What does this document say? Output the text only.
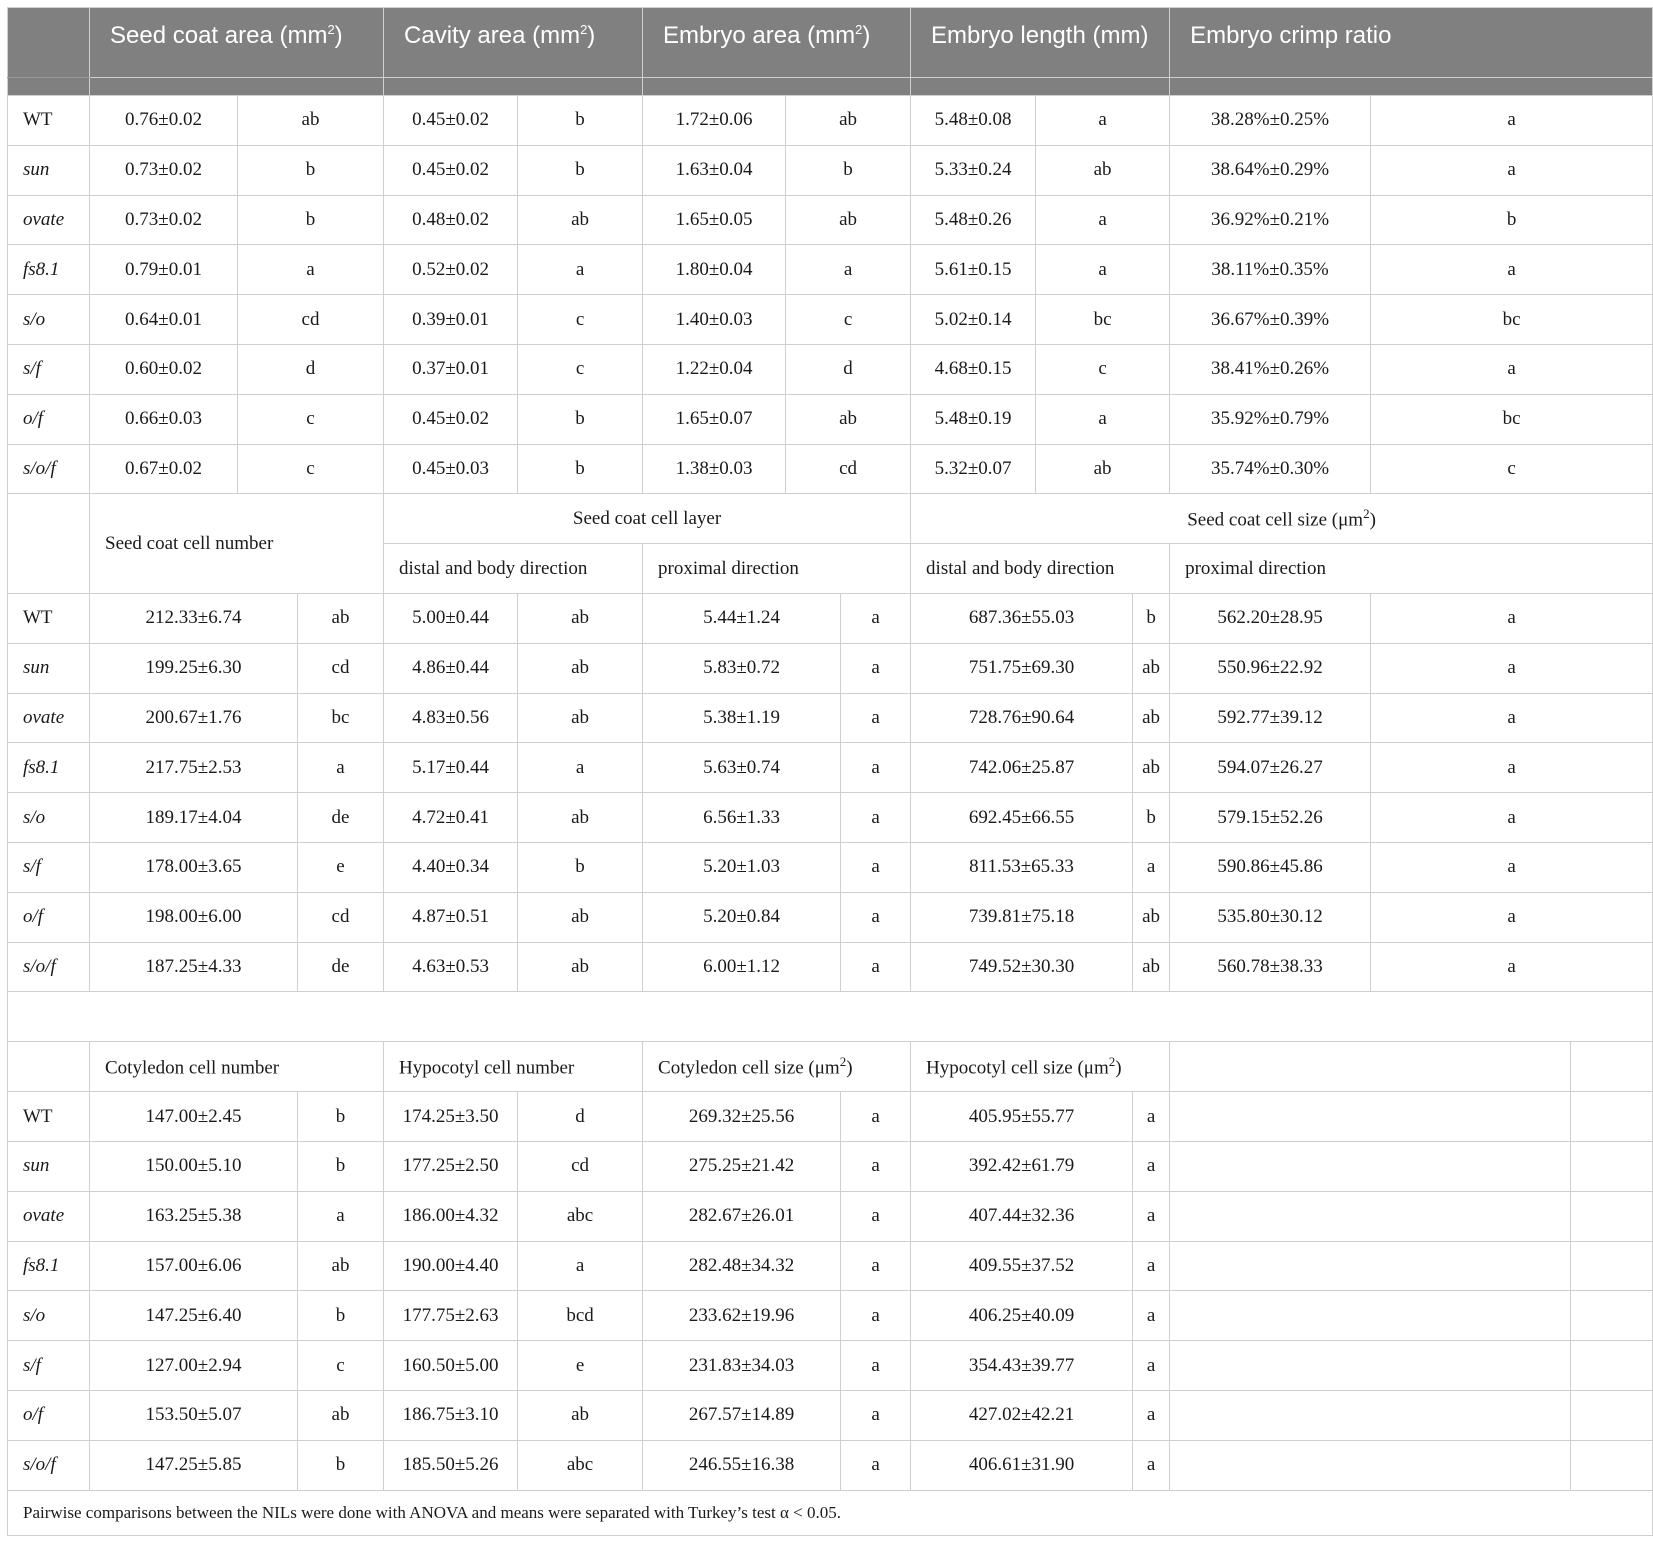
	Seed coat area $(mm^2)$			Cavity area $(mm^2)$		Embryo area $(mm^2)$			Embryo length (mm)			Embryo crimp ratio		

WT	0.76±0.02	ab		0.45±0.02	b	1.72±0.06	ab		5.48±0.08	a		38.28%±0.25%	a	
sun	0.73±0.02	b		0.45±0.02	b	1.63±0.04	b		5.33±0.24	ab		38.64%±0.29%	a	
ovate	0.73±0.02	b		0.48±0.02	ab	1.65±0.05	ab		5.48±0.26	a		36.92%±0.21%	b	
fs8.1	0.79±0.01	a		0.52±0.02	a	1.80±0.04	a		5.61±0.15	a		38.11%±0.35%	a	
s/o	0.64±0.01	cd		0.39±0.01	c	1.40±0.03	c		5.02±0.14	bc		36.67%±0.39%	bc	
s/f	0.60±0.02	d		0.37±0.01	c	1.22±0.04	d		4.68±0.15	c		38.41%±0.26%	a	
o/f	0.66±0.03	c		0.45±0.02	b	1.65±0.07	ab		5.48±0.19	a		35.92%±0.79%	bc	
s/o/f	0.67±0.02	c		0.45±0.03	b	1.38±0.03	cd		5.32±0.07	ab		35.74%±0.30%	c	
	Seed coat cell number			Seed coat cell layer					Seed coat cell size $(\mu m^2)$					
				distal and body direction		proximal direction			distal and body direction			proximal direction		
WT	212.33±6.74		ab	5.00±0.44	ab	5.44±1.24		a	687.36±55.03		b	562.20±28.95	a	
sun	199.25±6.30		cd	4.86±0.44	ab	5.83±0.72		a	751.75±69.30		ab	550.96±22.92	a	
ovate	200.67±1.76		bc	4.83±0.56	ab	5.38±1.19		a	728.76±90.64		ab	592.77±39.12	a	
fs8.1	217.75±2.53		a	5.17±0.44	a	5.63±0.74		a	742.06±25.87		ab	594.07±26.27	a	
s/o	189.17±4.04		de	4.72±0.41	ab	6.56±1.33		a	692.45±66.55		b	579.15±52.26	a	
s/f	178.00±3.65		e	4.40±0.34	b	5.20±1.03		a	811.53±65.33		a	590.86±45.86	a	
o/f	198.00±6.00		cd	4.87±0.51	ab	5.20±0.84		a	739.81±75.18		ab	535.80±30.12	a	
s/o/f	187.25±4.33		de	4.63±0.53	ab	6.00±1.12		a	749.52±30.30		ab	560.78±38.33	a	

	Cotyledon cell number			Hypocotyl cell number		Cotyledon cell size $(\mu m^2)$			Hypocotyl cell size $(\mu m^2)$					
WT	147.00±2.45		b	174.25±3.50	d	269.32±25.56		a	405.95±55.77		a			
sun	150.00±5.10		b	177.25±2.50	cd	275.25±21.42		a	392.42±61.79		a			
ovate	163.25±5.38		a	186.00±4.32	abc	282.67±26.01		a	407.44±32.36		a			
fs8.1	157.00±6.06		ab	190.00±4.40	a	282.48±34.32		a	409.55±37.52		a			
s/o	147.25±6.40		b	177.75±2.63	bcd	233.62±19.96		a	406.25±40.09		a			
s/f	127.00±2.94		c	160.50±5.00	e	231.83±34.03		a	354.43±39.77		a			
o/f	153.50±5.07		ab	186.75±3.10	ab	267.57±14.89		a	427.02±42.21		a			
s/o/f	147.25±5.85		b	185.50±5.26	abc	246.55±16.38		a	406.61±31.90		a			
Pairwise comparisons between the NILs were done with ANOVA and means were separated with Turkey’s test α < 0.05.														
